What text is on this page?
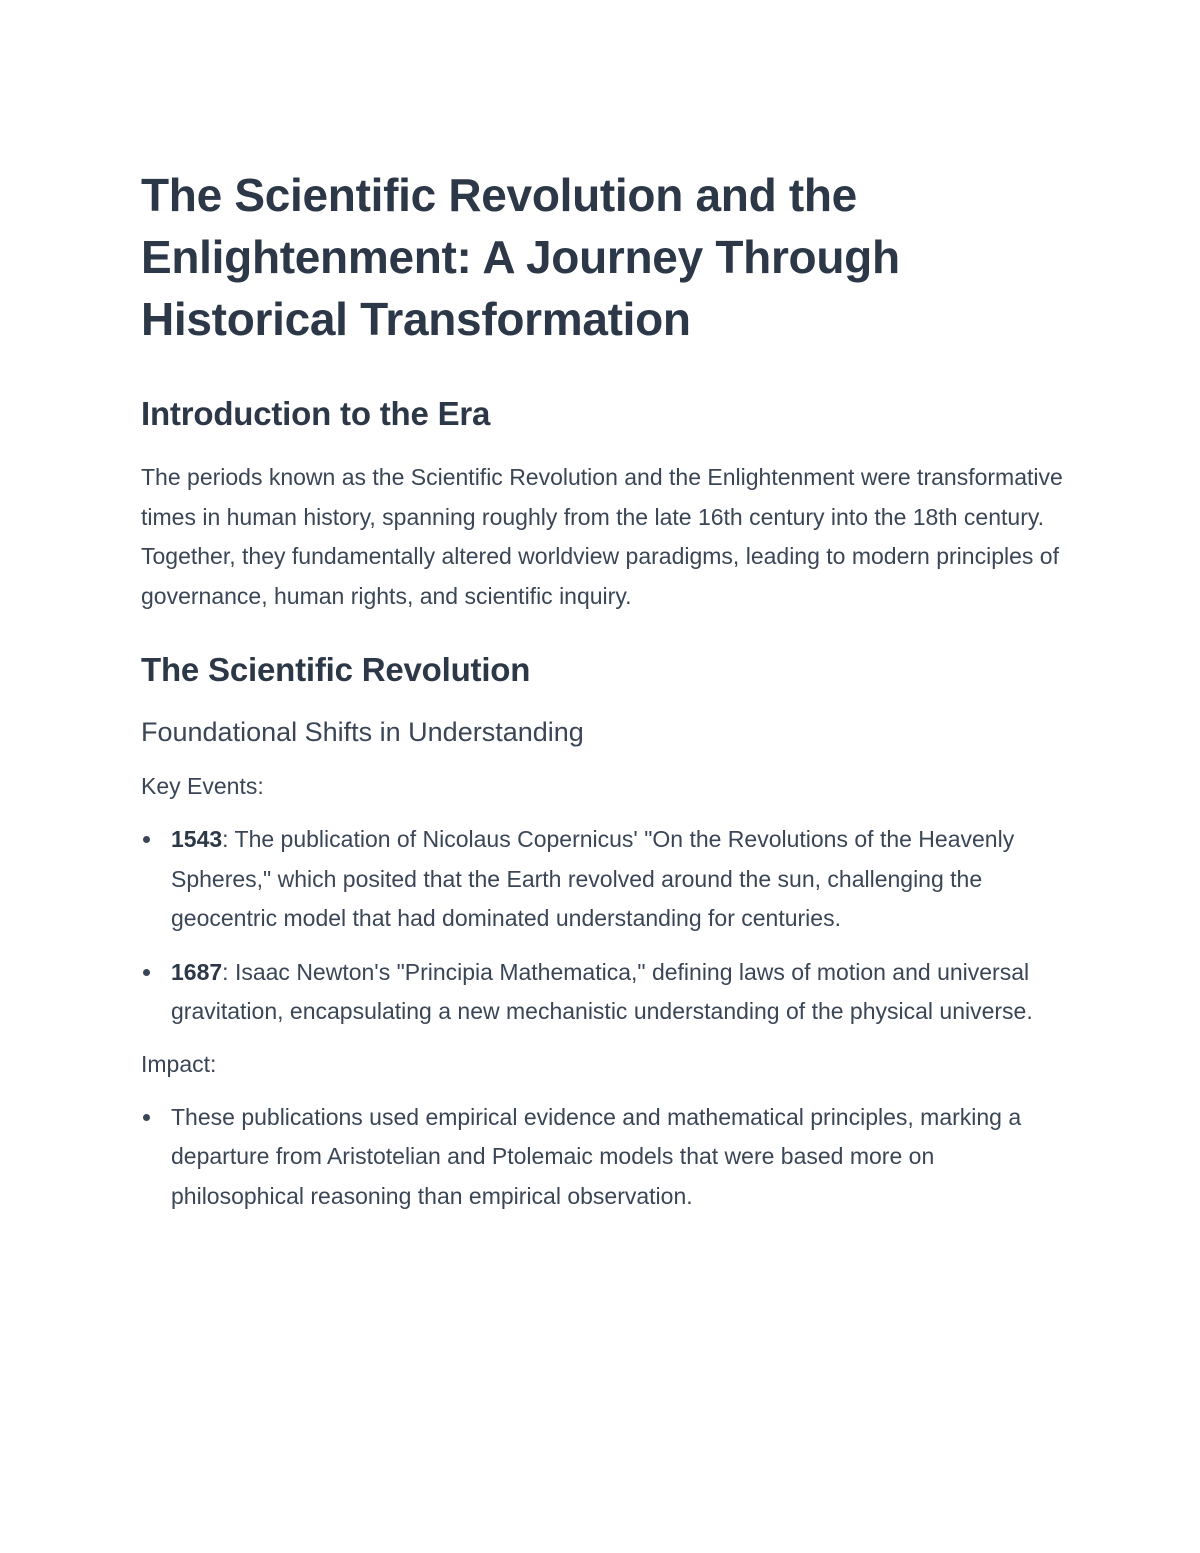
The Scientific Revolution and the Enlightenment: A Journey Through Historical Transformation
Introduction to the Era

The periods known as the Scientific Revolution and the Enlightenment were transformative times in human history, spanning roughly from the late 16th century into the 18th century. Together, they fundamentally altered worldview paradigms, leading to modern principles of governance, human rights, and scientific inquiry.

The Scientific Revolution
Foundational Shifts in Understanding
Key Events:
1543: The publication of Nicolaus Copernicus' "On the Revolutions of the Heavenly Spheres," which posited that the Earth revolved around the sun, challenging the geocentric model that had dominated understanding for centuries.
1687: Isaac Newton's "Principia Mathematica," defining laws of motion and universal gravitation, encapsulating a new mechanistic understanding of the physical universe.
Impact:
These publications used empirical evidence and mathematical principles, marking a departure from Aristotelian and Ptolemaic models that were based more on philosophical reasoning than empirical observation.
